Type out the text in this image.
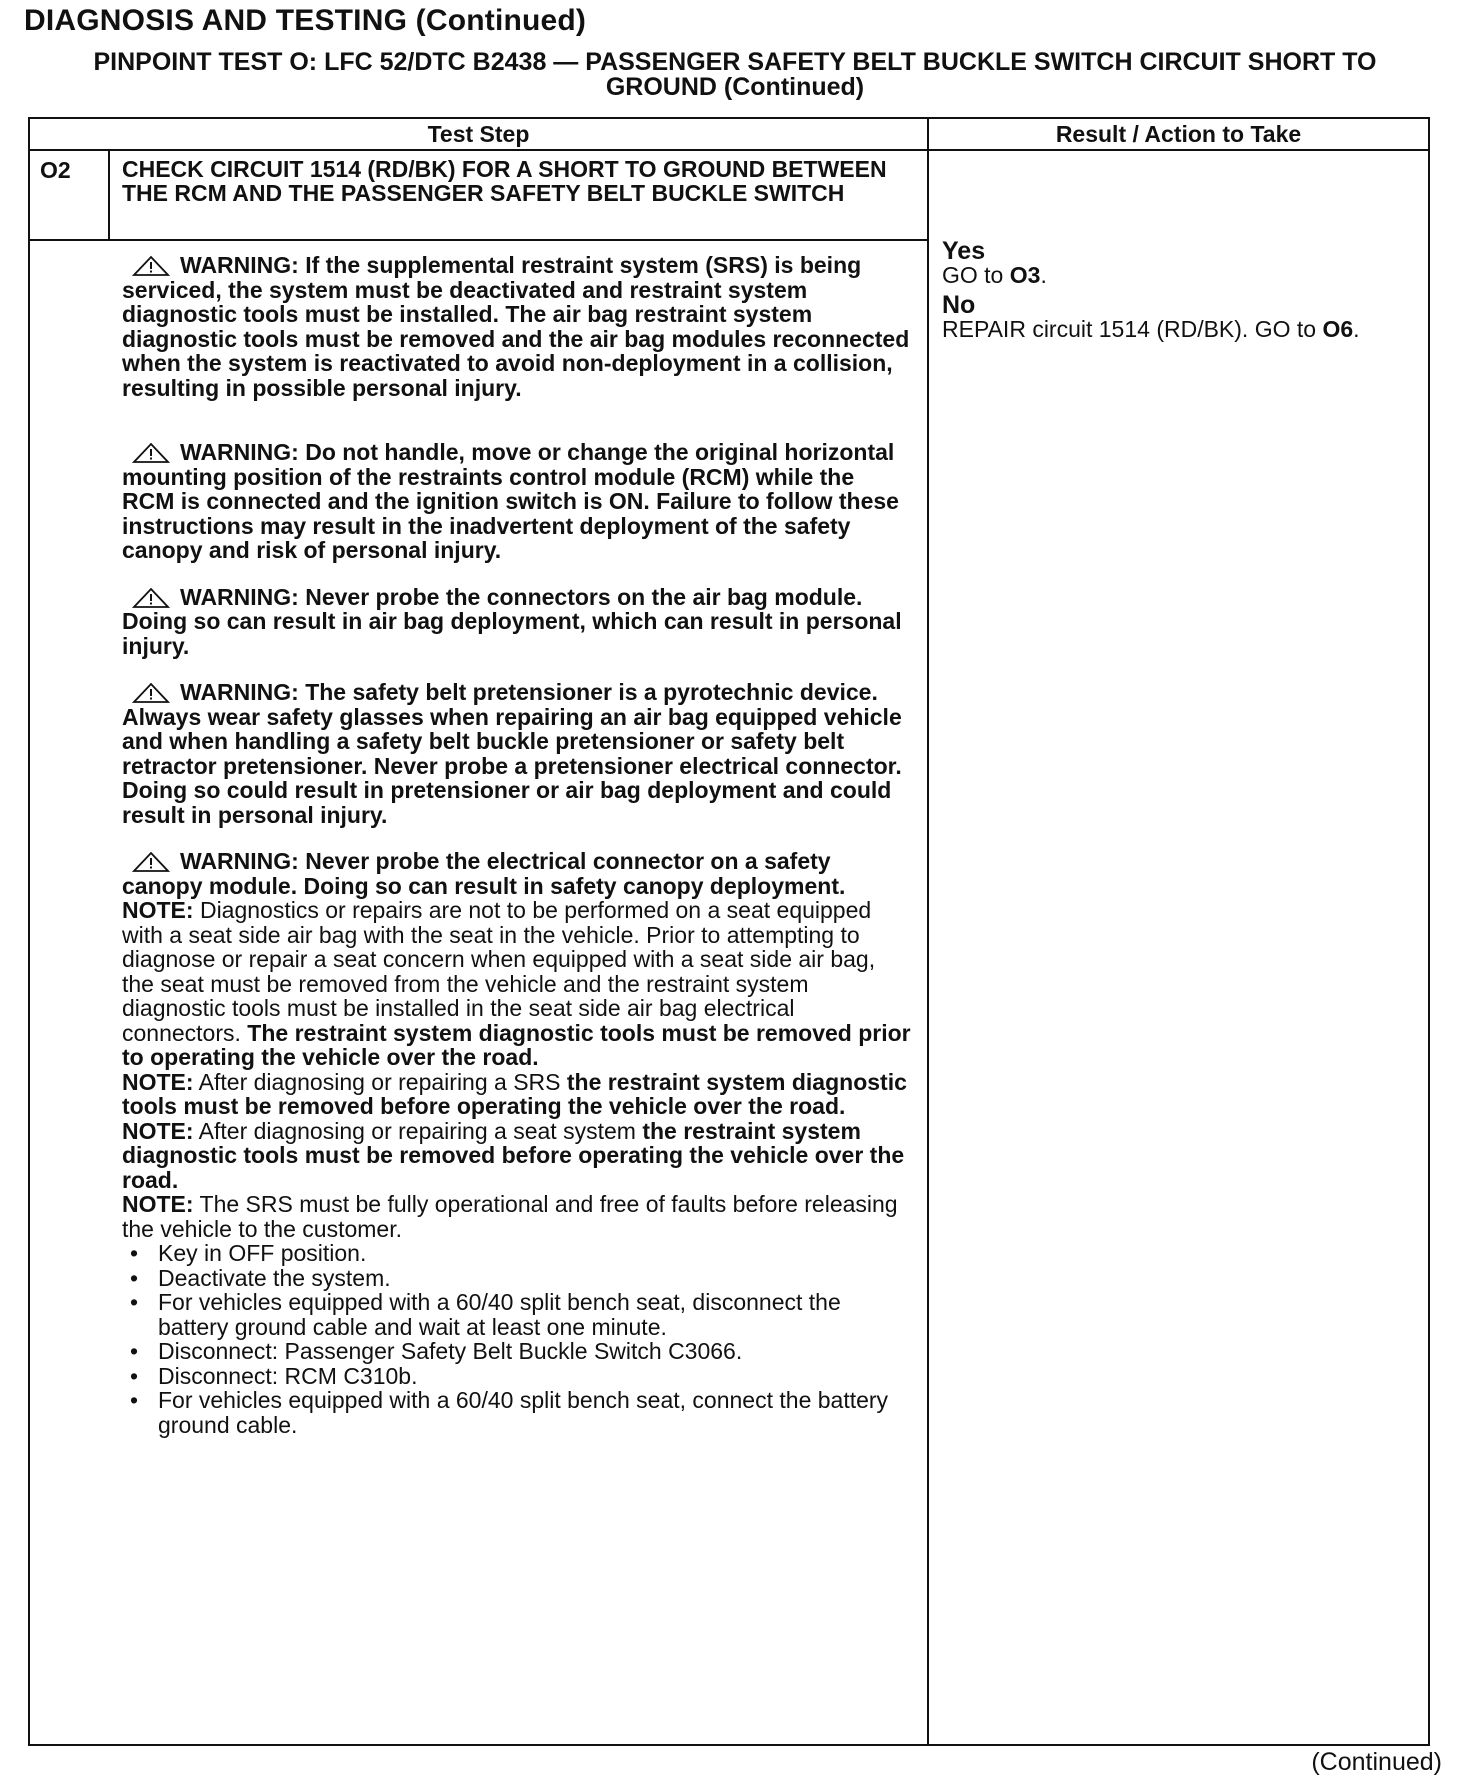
DIAGNOSIS AND TESTING (Continued)
PINPOINT TEST O: LFC 52/DTC B2438 — PASSENGER SAFETY BELT BUCKLE SWITCH CIRCUIT SHORT TO GROUND (Continued)
Test Step	Result / Action to Take
O2 CHECK CIRCUIT 1514 (RD/BK) FOR A SHORT TO GROUND BETWEEN THE RCM AND THE PASSENGER SAFETY BELT BUCKLE SWITCH
WARNING: If the supplemental restraint system (SRS) is being serviced, the system must be deactivated and restraint system diagnostic tools must be installed. The air bag restraint system diagnostic tools must be removed and the air bag modules reconnected when the system is reactivated to avoid non-deployment in a collision, resulting in possible personal injury.
WARNING: Do not handle, move or change the original horizontal mounting position of the restraints control module (RCM) while the RCM is connected and the ignition switch is ON. Failure to follow these instructions may result in the inadvertent deployment of the safety canopy and risk of personal injury.
WARNING: Never probe the connectors on the air bag module. Doing so can result in air bag deployment, which can result in personal injury.
WARNING: The safety belt pretensioner is a pyrotechnic device. Always wear safety glasses when repairing an air bag equipped vehicle and when handling a safety belt buckle pretensioner or safety belt retractor pretensioner. Never probe a pretensioner electrical connector. Doing so could result in pretensioner or air bag deployment and could result in personal injury.
WARNING: Never probe the electrical connector on a safety canopy module. Doing so can result in safety canopy deployment.

NOTE: Diagnostics or repairs are not to be performed on a seat equipped with a seat side air bag with the seat in the vehicle. Prior to attempting to diagnose or repair a seat concern when equipped with a seat side air bag, the seat must be removed from the vehicle and the restraint system diagnostic tools must be installed in the seat side air bag electrical connectors. The restraint system diagnostic tools must be removed prior to operating the vehicle over the road.

NOTE: After diagnosing or repairing a SRS the restraint system diagnostic tools must be removed before operating the vehicle over the road.

NOTE: After diagnosing or repairing a seat system the restraint system diagnostic tools must be removed before operating the vehicle over the road.

NOTE: The SRS must be fully operational and free of faults before releasing the vehicle to the customer.

• Key in OFF position.
• Deactivate the system.
• For vehicles equipped with a 60/40 split bench seat, disconnect the battery ground cable and wait at least one minute.
• Disconnect: Passenger Safety Belt Buckle Switch C3066.
• Disconnect: RCM C310b.
• For vehicles equipped with a 60/40 split bench seat, connect the battery ground cable.
Yes
GO to O3.
No
REPAIR circuit 1514 (RD/BK). GO to O6.
(Continued)
